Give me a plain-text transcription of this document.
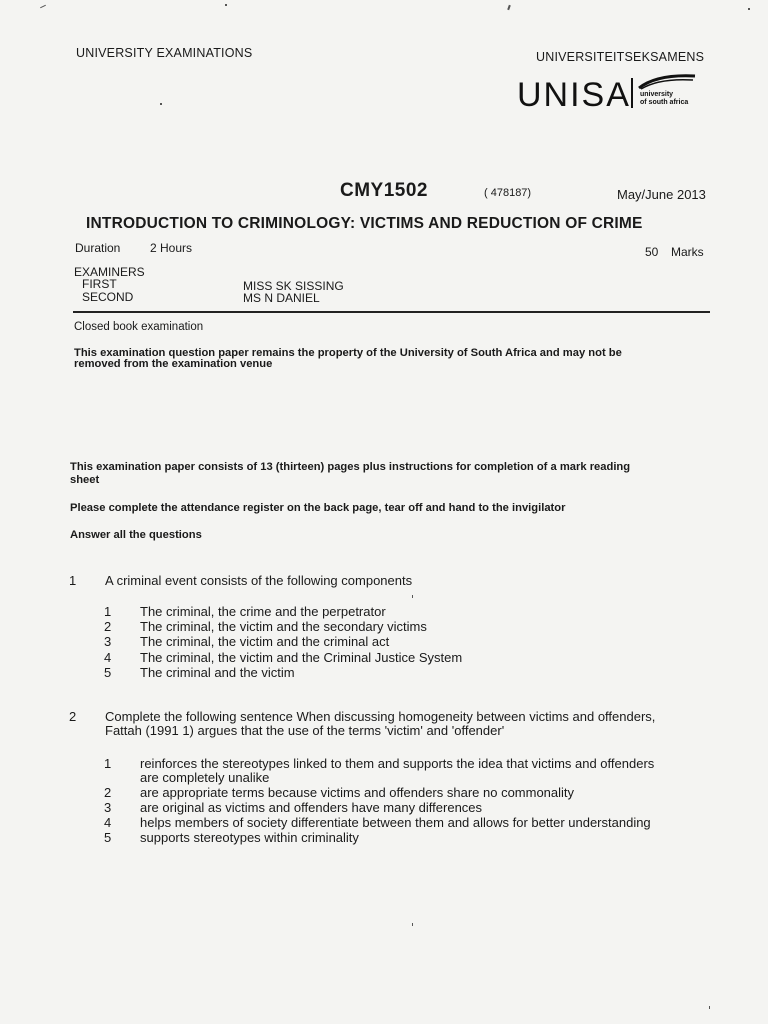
UNIVERSITY EXAMINATIONS	UNIVERSITEITSEKSAMENS
UNISA university
of south africa
CMY1502	( 478187)	May/June 2013
INTRODUCTION TO CRIMINOLOGY: VICTIMS AND REDUCTION OF CRIME
Duration 2 Hours	50 Marks
EXAMINERS
FIRST	MISS SK SISSING
SECOND	MS N DANIEL
Closed book examination
This examination question paper remains the property of the University of South Africa and may not be
removed from the examination venue
This examination paper consists of 13 (thirteen) pages plus instructions for completion of a mark reading
sheet
Please complete the attendance register on the back page, tear off and hand to the invigilator
Answer all the questions
1 A criminal event consists of the following components
1 The criminal, the crime and the perpetrator
2 The criminal, the victim and the secondary victims
3 The criminal, the victim and the criminal act
4 The criminal, the victim and the Criminal Justice System
5 The criminal and the victim
2 Complete the following sentence When discussing homogeneity between victims and offenders,
Fattah (1991 1) argues that the use of the terms 'victim' and 'offender'
1 reinforces the stereotypes linked to them and supports the idea that victims and offenders
are completely unalike
2 are appropriate terms because victims and offenders share no commonality
3 are original as victims and offenders have many differences
4 helps members of society differentiate between them and allows for better understanding
5 supports stereotypes within criminality
